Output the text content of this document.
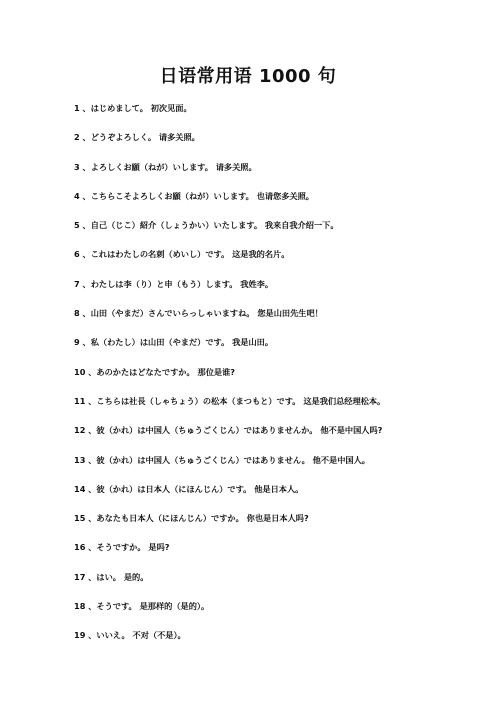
日语常用语 1000 句
1 、はじめまして。 初次见面。
2 、どうぞよろしく。 请多关照。
3 、よろしくお願（ねが）いします。 请多关照。
4 、こちらこそよろしくお願（ねが）いします。 也请您多关照。
5 、自己（じこ）紹介（しょうかい）いたします。 我来自我介绍一下。
6 、これはわたしの名刺（めいし）です。 这是我的名片。
7 、わたしは李（り）と申（もう）します。 我姓李。
8 、山田（やまだ）さんでいらっしゃいますね。 您是山田先生吧！
9 、私（わたし）は山田（やまだ）です。 我是山田。
10 、あのかたはどなたですか。 那位是谁?
11 、こちらは社長（しゃちょう）の松本（まつもと）です。 这是我们总经理松本。
12 、彼（かれ）は中国人（ちゅうごくじん）ではありませんか。 他不是中国人吗?
13 、彼（かれ）は中国人（ちゅうごくじん）ではありません。 他不是中国人。
14 、彼（かれ）は日本人（にほんじん）です。 他是日本人。
15 、あなたも日本人（にほんじん）ですか。 你也是日本人吗?
16 、そうですか。 是吗?
17 、はい。 是的。
18 、そうです。 是那样的（是的）。
19 、いいえ。 不对（不是）。
